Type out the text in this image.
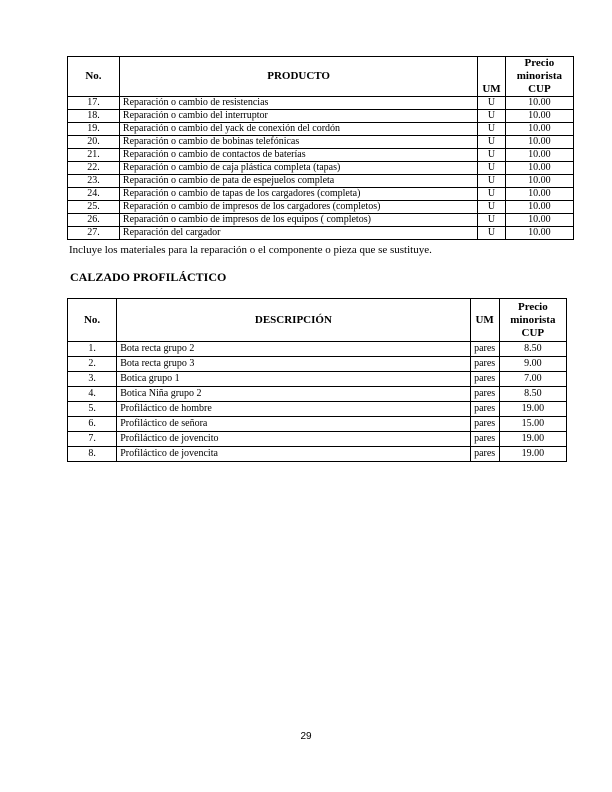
No.	PRODUCTO	UM	Precio minorista CUP
17.	Reparación o cambio de resistencias	U	10.00
18.	Reparación o cambio del interruptor	U	10.00
19.	Reparación o cambio del yack de conexión del cordón	U	10.00
20.	Reparación o cambio de bobinas telefónicas	U	10.00
21.	Reparación o cambio de contactos de baterías	U	10.00
22.	Reparación o cambio de caja plástica completa (tapas)	U	10.00
23.	Reparación o cambio de pata de espejuelos completa	U	10.00
24.	Reparación o cambio de tapas de los cargadores (completa)	U	10.00
25.	Reparación o cambio de impresos de los cargadores (completos)	U	10.00
26.	Reparación o cambio de impresos de los equipos ( completos)	U	10.00
27.	Reparación del cargador	U	10.00
Incluye los materiales para la reparación o el componente o pieza que se sustituye.
CALZADO PROFILÁCTICO
No.	DESCRIPCIÓN	UM	Precio minorista CUP
1.	Bota recta grupo 2	pares	8.50
2.	Bota recta grupo 3	pares	9.00
3.	Botica grupo 1	pares	7.00
4.	Botica Niña grupo 2	pares	8.50
5.	Profiláctico de hombre	pares	19.00
6.	Profiláctico de señora	pares	15.00
7.	Profiláctico de jovencito	pares	19.00
8.	Profiláctico de jovencita	pares	19.00
29
